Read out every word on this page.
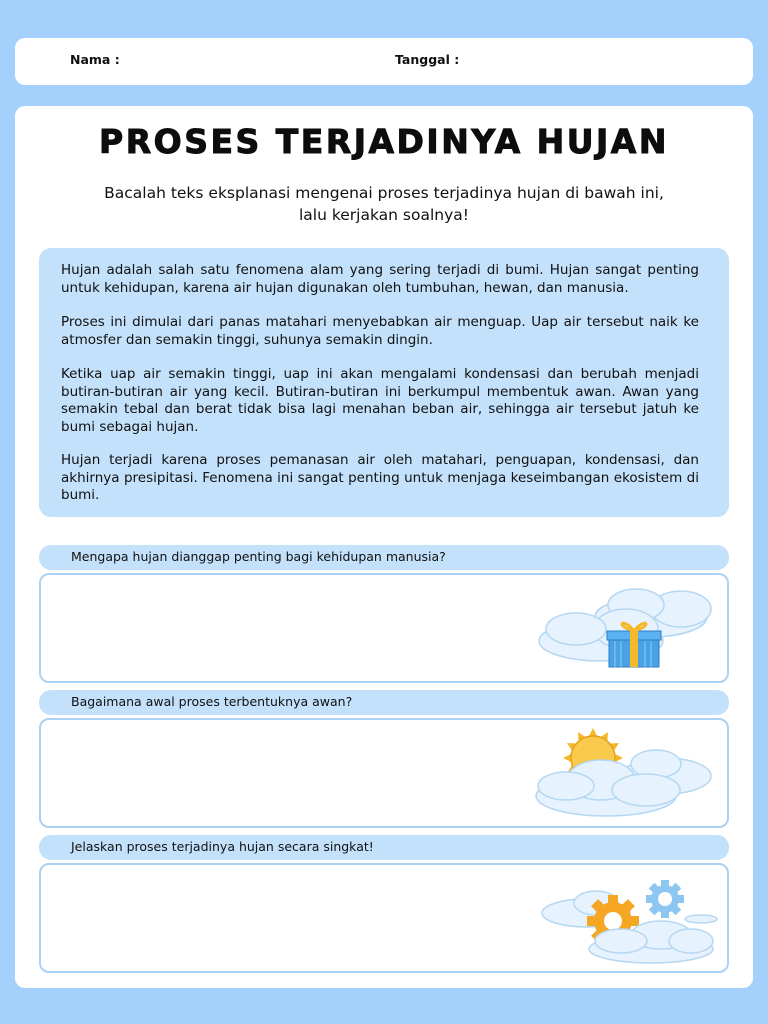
Nama :	Tanggal :
PROSES TERJADINYA HUJAN
Bacalah teks eksplanasi mengenai proses terjadinya hujan di bawah ini,
lalu kerjakan soalnya!

Hujan adalah salah satu fenomena alam yang sering terjadi di bumi. Hujan sangat penting untuk kehidupan, karena air hujan digunakan oleh tumbuhan, hewan, dan manusia.

Proses ini dimulai dari panas matahari menyebabkan air menguap. Uap air tersebut naik ke atmosfer dan semakin tinggi, suhunya semakin dingin.

Ketika uap air semakin tinggi, uap ini akan mengalami kondensasi dan berubah menjadi butiran-butiran air yang kecil. Butiran-butiran ini berkumpul membentuk awan. Awan yang semakin tebal dan berat tidak bisa lagi menahan beban air, sehingga air tersebut jatuh ke bumi sebagai hujan.

Hujan terjadi karena proses pemanasan air oleh matahari, penguapan, kondensasi, dan akhirnya presipitasi. Fenomena ini sangat penting untuk menjaga keseimbangan ekosistem di bumi.

Mengapa hujan dianggap penting bagi kehidupan manusia?
Bagaimana awal proses terbentuknya awan?
Jelaskan proses terjadinya hujan secara singkat!
